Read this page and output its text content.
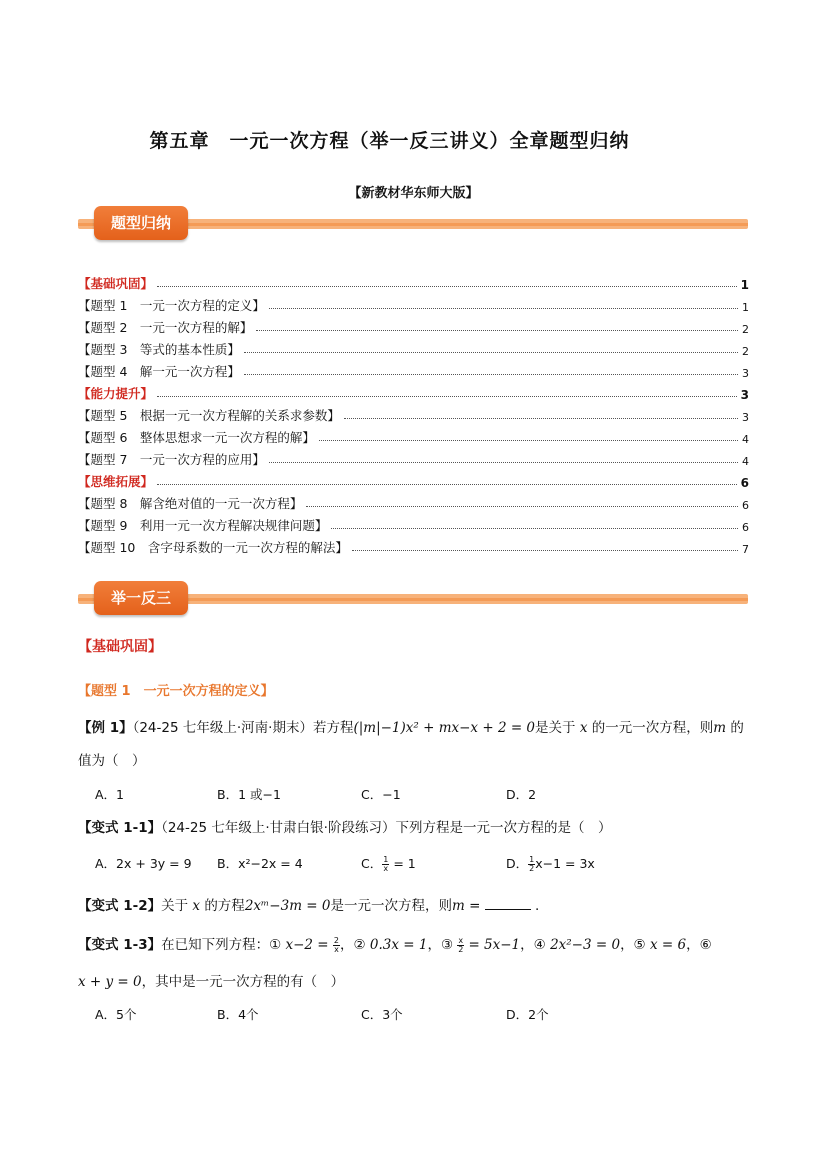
第五章　一元一次方程（举一反三讲义）全章题型归纳
【新教材华东师大版】
题型归纳
【基础巩固】	1
【题型 1　一元一次方程的定义】	1
【题型 2　一元一次方程的解】	2
【题型 3　等式的基本性质】	2
【题型 4　解一元一次方程】	3
【能力提升】	3
【题型 5　根据一元一次方程解的关系求参数】	3
【题型 6　整体思想求一元一次方程的解】	4
【题型 7　一元一次方程的应用】	4
【思维拓展】	6
【题型 8　解含绝对值的一元一次方程】	6
【题型 9　利用一元一次方程解决规律问题】	6
【题型 10　含字母系数的一元一次方程的解法】	7
举一反三
【基础巩固】
【题型 1　一元一次方程的定义】
【例 1】（24-25 七年级上·河南·期末）若方程(|m|−1)x² + mx−x + 2 = 0是关于 x 的一元一次方程，则m 的
值为（　）
A．1	B．1 或−1	C．−1	D．2
【变式 1-1】（24-25 七年级上·甘肃白银·阶段练习）下列方程是一元一次方程的是（　）
A．2x + 3y = 9	B．x²−2x = 4	C． $\frac{1}{x} = 1$	D． $\frac{1}{2} x-1 = 3x$
【变式 1-2】关于 x 的方程2xᵐ−3m = 0是一元一次方程，则m =	.
【变式 1-3】在已知下列方程：① $x-2 = \frac{2}{x}$ ，② 0.3x = 1，③ $\frac{x}{2} = 5x-1$，④ 2x²−3 = 0，⑤ x = 6，⑥
x + y = 0，其中是一元一次方程的有（　）
A．5个	B．4个	C．3个	D．2个
